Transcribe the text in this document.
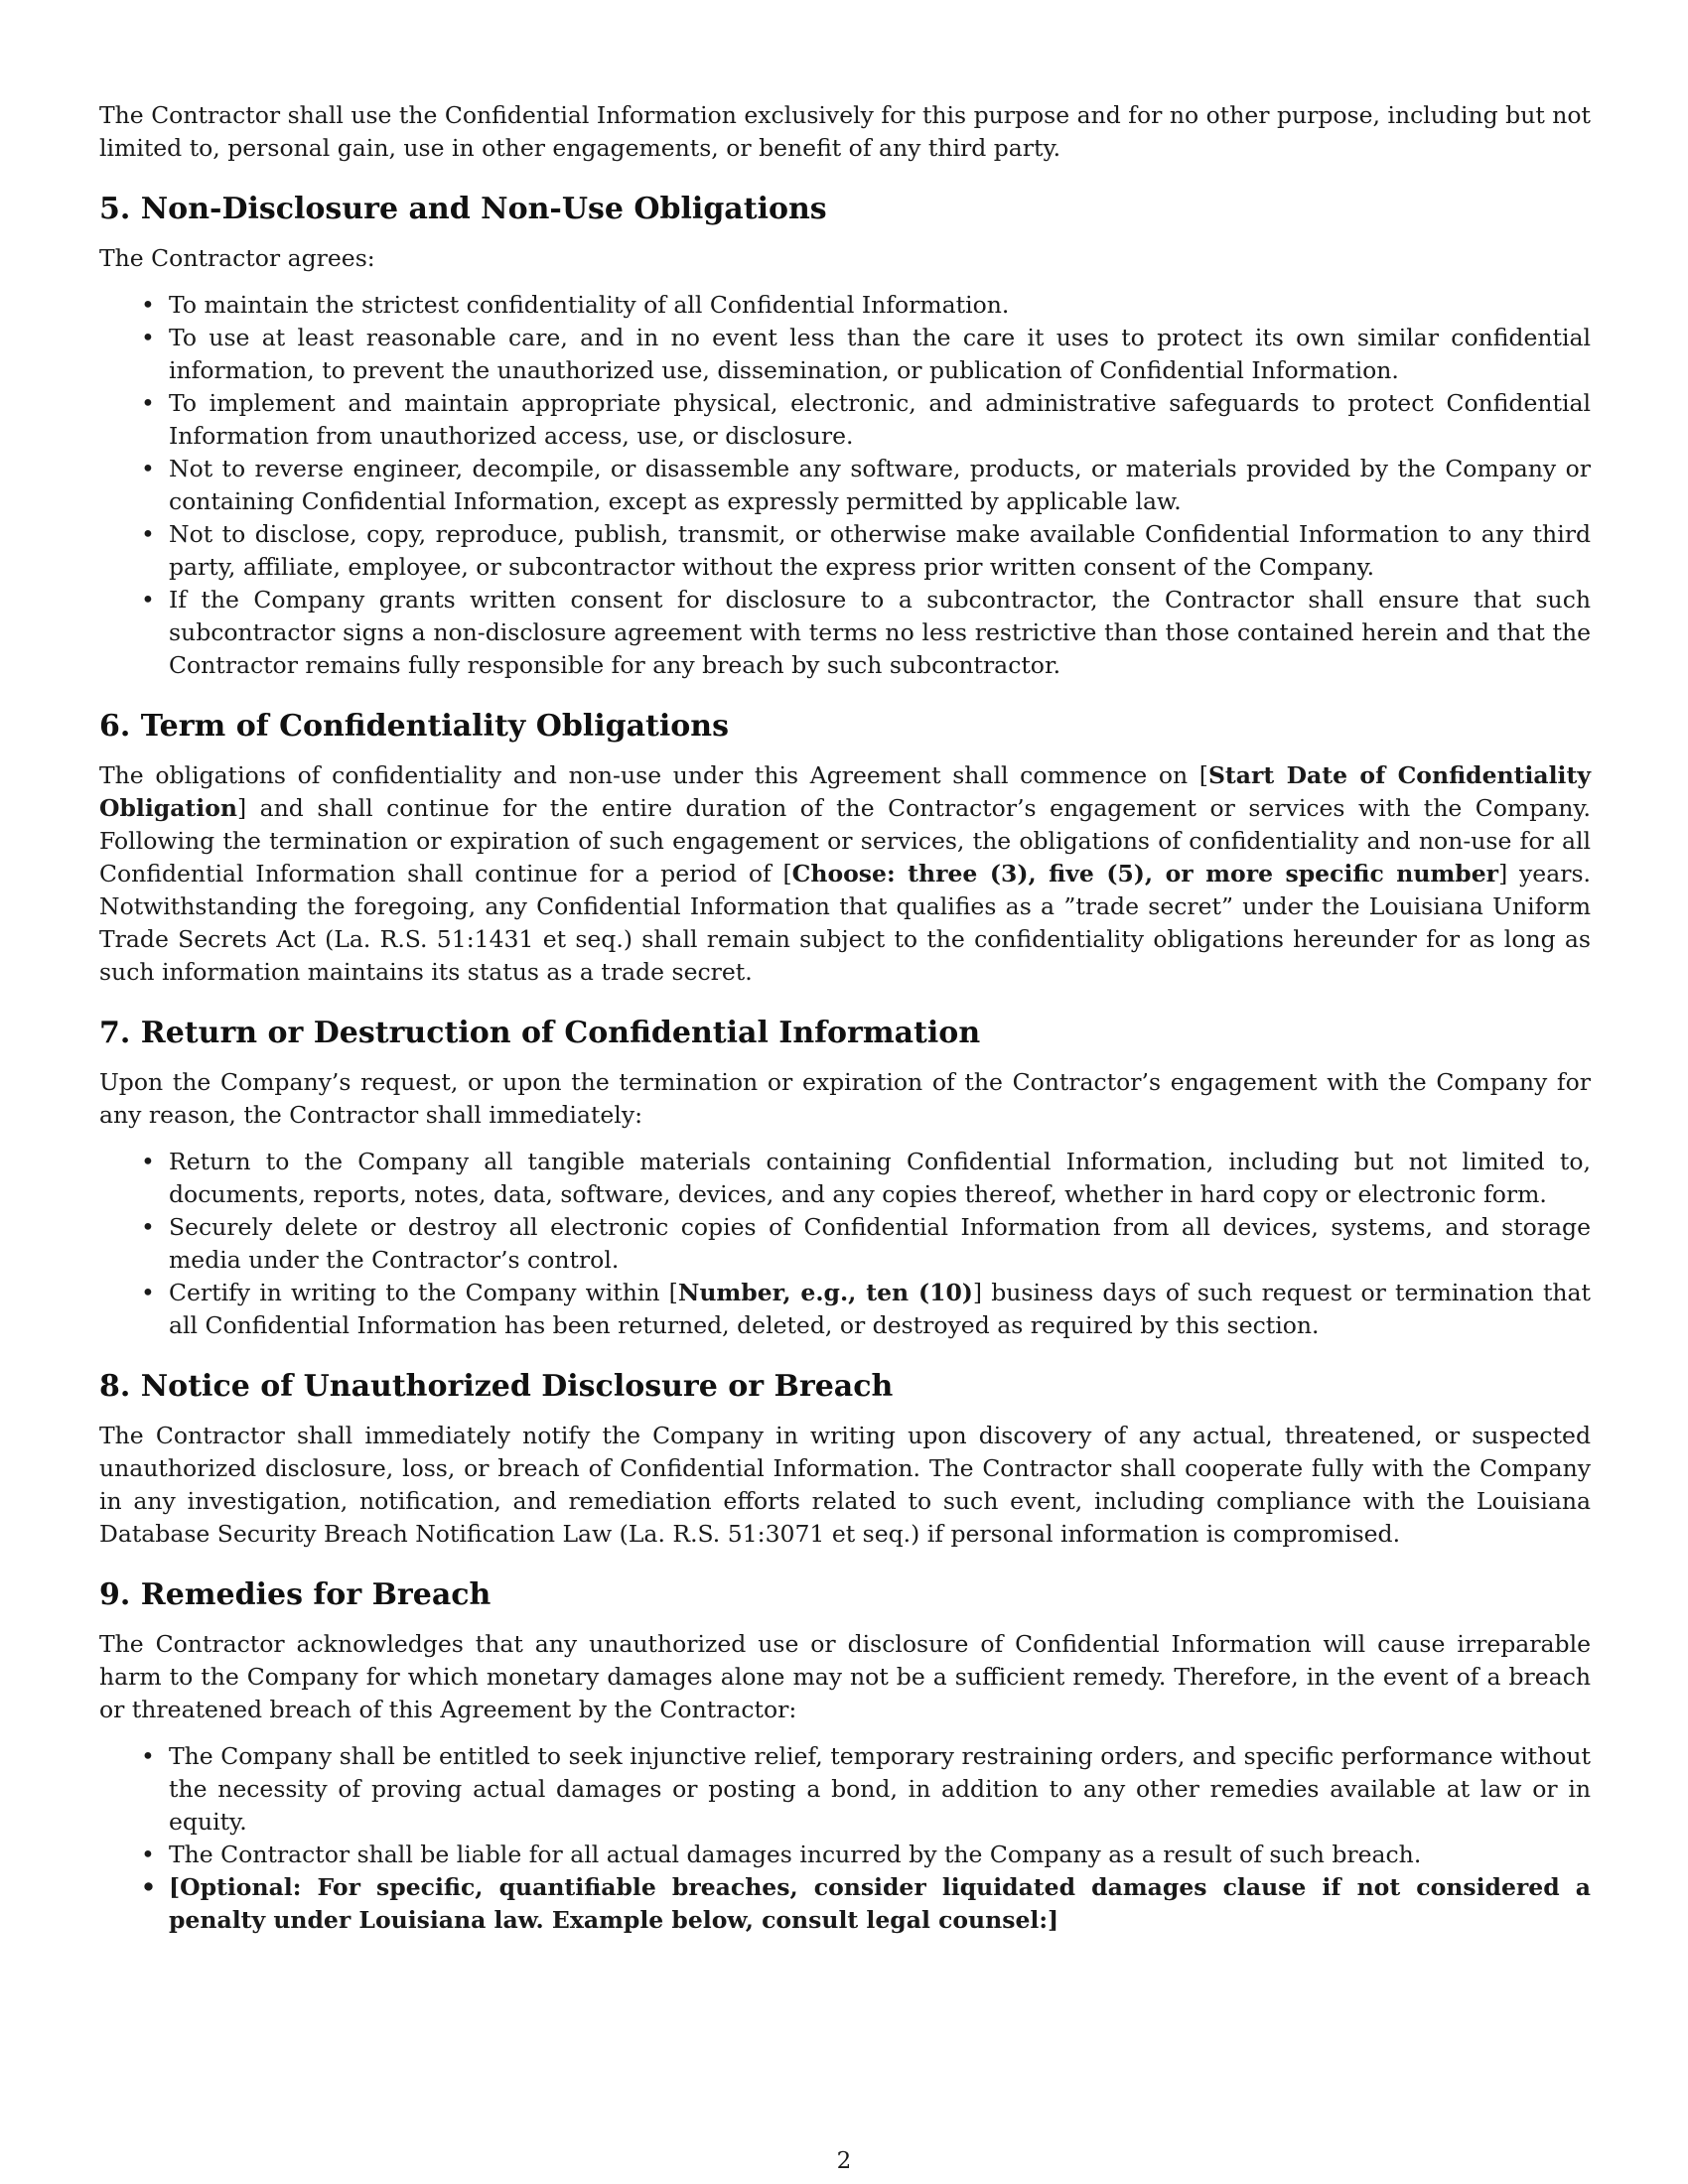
The Contractor shall use the Confidential Information exclusively for this purpose and for no other purpose, including but not limited to, personal gain, use in other engagements, or benefit of any third party.

5. Non-Disclosure and Non-Use Obligations

The Contractor agrees:

• To maintain the strictest confidentiality of all Confidential Information.
• To use at least reasonable care, and in no event less than the care it uses to protect its own similar confidential information, to prevent the unauthorized use, dissemination, or publication of Confidential Information.
• To implement and maintain appropriate physical, electronic, and administrative safeguards to protect Confidential Information from unauthorized access, use, or disclosure.
• Not to reverse engineer, decompile, or disassemble any software, products, or materials provided by the Company or containing Confidential Information, except as expressly permitted by applicable law.
• Not to disclose, copy, reproduce, publish, transmit, or otherwise make available Confidential Information to any third party, affiliate, employee, or subcontractor without the express prior written consent of the Company.
• If the Company grants written consent for disclosure to a subcontractor, the Contractor shall ensure that such subcontractor signs a non-disclosure agreement with terms no less restrictive than those contained herein and that the Contractor remains fully responsible for any breach by such subcontractor.
6. Term of Confidentiality Obligations

The obligations of confidentiality and non-use under this Agreement shall commence on [Start Date of Confidentiality Obligation] and shall continue for the entire duration of the Contractor’s engagement or services with the Company. Following the termination or expiration of such engagement or services, the obligations of confidentiality and non-use for all Confidential Information shall continue for a period of [Choose: three (3), five (5), or more specific number] years. Notwithstanding the foregoing, any Confidential Information that qualifies as a ”trade secret” under the Louisiana Uniform Trade Secrets Act (La. R.S. 51:1431 et seq.) shall remain subject to the confidentiality obligations hereunder for as long as such information maintains its status as a trade secret.

7. Return or Destruction of Confidential Information

Upon the Company’s request, or upon the termination or expiration of the Contractor’s engagement with the Company for any reason, the Contractor shall immediately:

• Return to the Company all tangible materials containing Confidential Information, including but not limited to, documents, reports, notes, data, software, devices, and any copies thereof, whether in hard copy or electronic form.
• Securely delete or destroy all electronic copies of Confidential Information from all devices, systems, and storage media under the Contractor’s control.
• Certify in writing to the Company within [Number, e.g., ten (10)] business days of such request or termination that all Confidential Information has been returned, deleted, or destroyed as required by this section.
8. Notice of Unauthorized Disclosure or Breach

The Contractor shall immediately notify the Company in writing upon discovery of any actual, threatened, or suspected unauthorized disclosure, loss, or breach of Confidential Information. The Contractor shall cooperate fully with the Company in any investigation, notification, and remediation efforts related to such event, including compliance with the Louisiana Database Security Breach Notification Law (La. R.S. 51:3071 et seq.) if personal information is compromised.

9. Remedies for Breach

The Contractor acknowledges that any unauthorized use or disclosure of Confidential Information will cause irreparable harm to the Company for which monetary damages alone may not be a sufficient remedy. Therefore, in the event of a breach or threatened breach of this Agreement by the Contractor:

• The Company shall be entitled to seek injunctive relief, temporary restraining orders, and specific performance without the necessity of proving actual damages or posting a bond, in addition to any other remedies available at law or in equity.
• The Contractor shall be liable for all actual damages incurred by the Company as a result of such breach.
• [Optional: For specific, quantifiable breaches, consider liquidated damages clause if not considered a penalty under Louisiana law. Example below, consult legal counsel:]
2
